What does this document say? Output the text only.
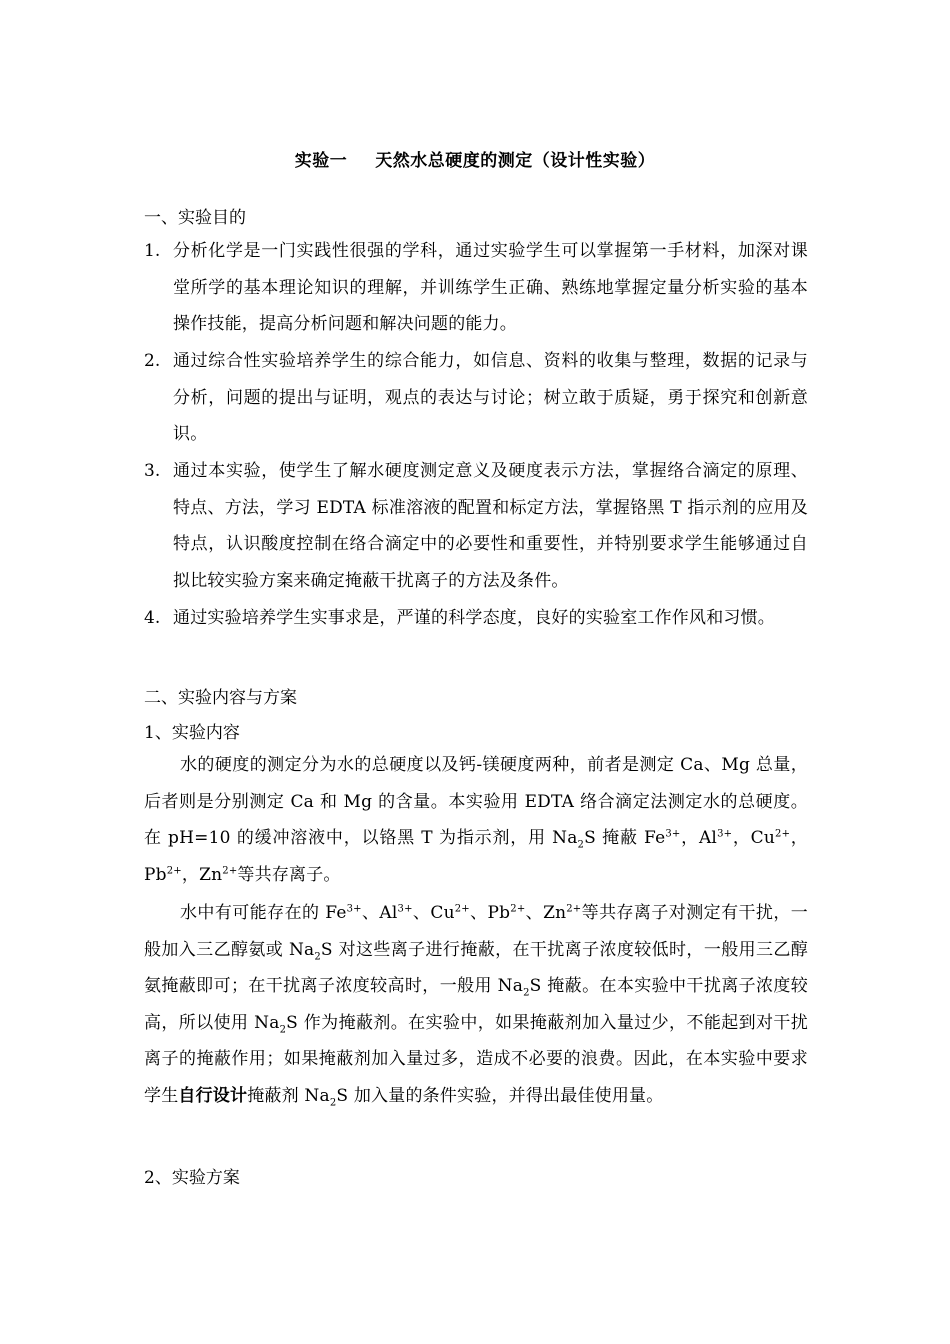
实验一 天然水总硬度的测定（设计性实验）
一、实验目的
1. 分析化学是一门实践性很强的学科，通过实验学生可以掌握第一手材料，加深对课堂所学的基本理论知识的理解，并训练学生正确、熟练地掌握定量分析实验的基本操作技能，提高分析问题和解决问题的能力。
2. 通过综合性实验培养学生的综合能力，如信息、资料的收集与整理，数据的记录与分析，问题的提出与证明，观点的表达与讨论；树立敢于质疑，勇于探究和创新意识。
3. 通过本实验，使学生了解水硬度测定意义及硬度表示方法，掌握络合滴定的原理、特点、方法，学习 EDTA 标准溶液的配置和标定方法，掌握铬黑 T 指示剂的应用及特点，认识酸度控制在络合滴定中的必要性和重要性，并特别要求学生能够通过自拟比较实验方案来确定掩蔽干扰离子的方法及条件。
4. 通过实验培养学生实事求是，严谨的科学态度，良好的实验室工作作风和习惯。
二、实验内容与方案
1、实验内容
水的硬度的测定分为水的总硬度以及钙-镁硬度两种，前者是测定 Ca、Mg 总量，后者则是分别测定 Ca 和 Mg 的含量。本实验用 EDTA 络合滴定法测定水的总硬度。在 pH=10 的缓冲溶液中，以铬黑 T 为指示剂，用 $Na_2S$ 掩蔽 $Fe^{3+}$，$Al^{3+}$，$Cu^{2+}$，$Pb^{2+}$，$Zn^{2+}$等共存离子。
水中有可能存在的 $Fe^{3+}$、$Al^{3+}$、$Cu^{2+}$、$Pb^{2+}$、$Zn^{2+}$等共存离子对测定有干扰，一般加入三乙醇氨或 $Na_2S$ 对这些离子进行掩蔽，在干扰离子浓度较低时，一般用三乙醇氨掩蔽即可；在干扰离子浓度较高时，一般用 $Na_2S$ 掩蔽。在本实验中干扰离子浓度较高，所以使用 $Na_2S$ 作为掩蔽剂。在实验中，如果掩蔽剂加入量过少，不能起到对干扰离子的掩蔽作用；如果掩蔽剂加入量过多，造成不必要的浪费。因此，在本实验中要求学生自行设计掩蔽剂 $Na_2S$ 加入量的条件实验，并得出最佳使用量。
2、实验方案
